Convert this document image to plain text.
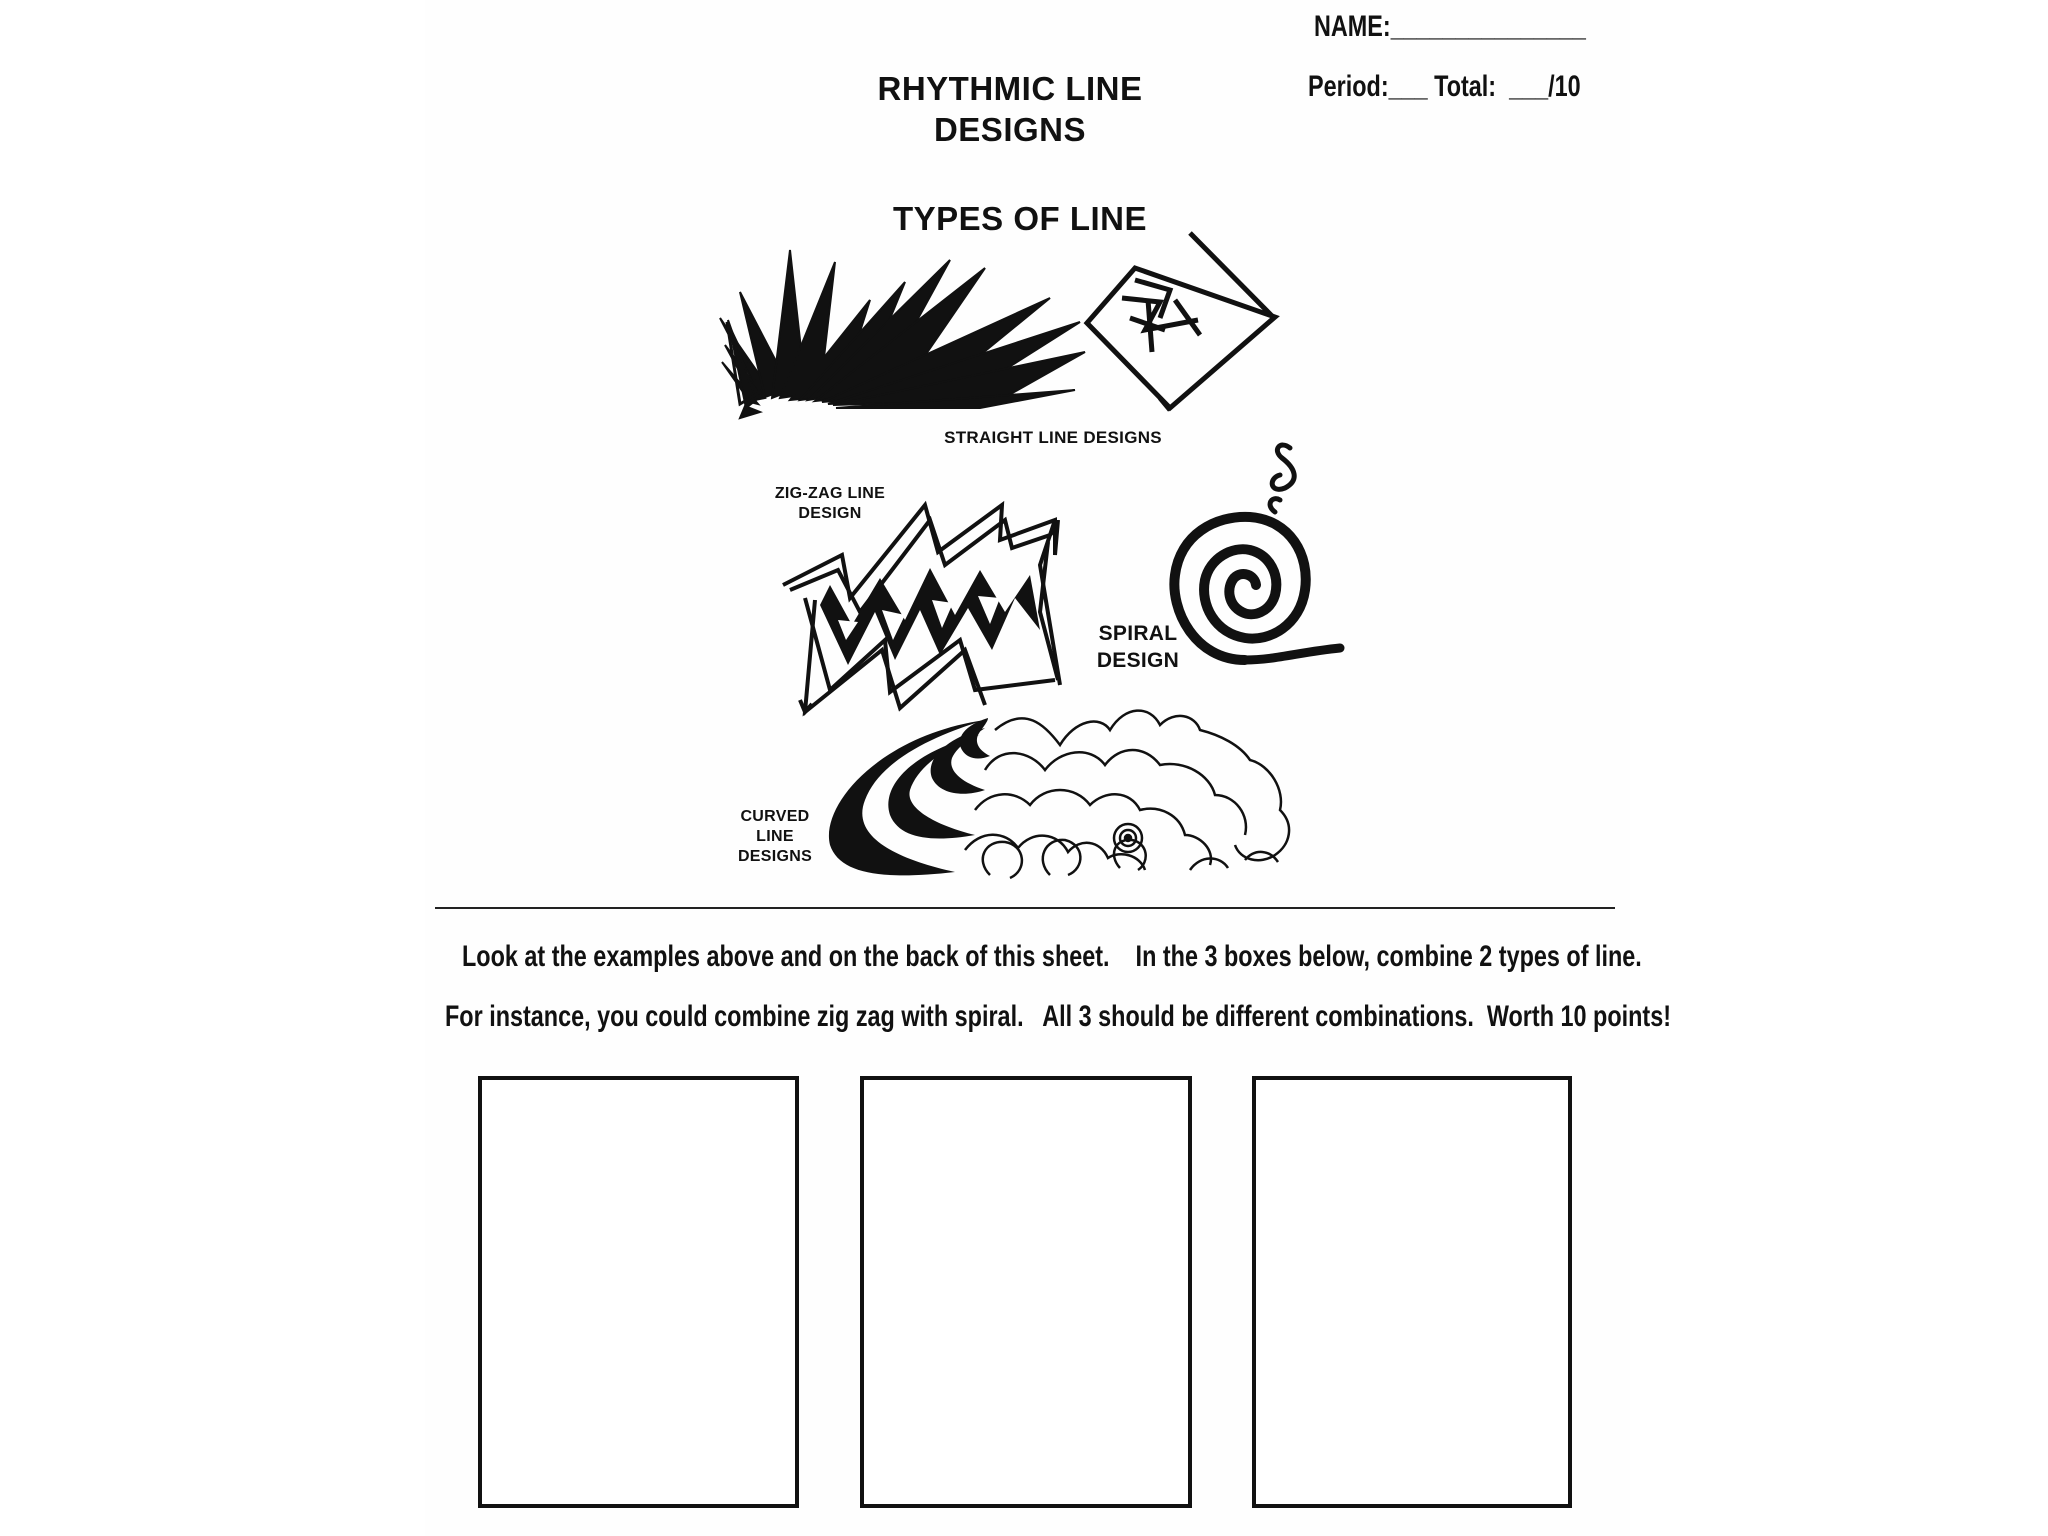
NAME:_______________
Period:___ Total:  ___/10
RHYTHMIC LINE
DESIGNS
TYPES OF LINE
STRAIGHT LINE DESIGNS
ZIG-ZAG LINE
DESIGN
SPIRAL
DESIGN
CURVED
LINE
DESIGNS
Look at the examples above and on the back of this sheet.    In the 3 boxes below, combine 2 types of line.
For instance, you could combine zig zag with spiral.   All 3 should be different combinations.  Worth 10 points!
